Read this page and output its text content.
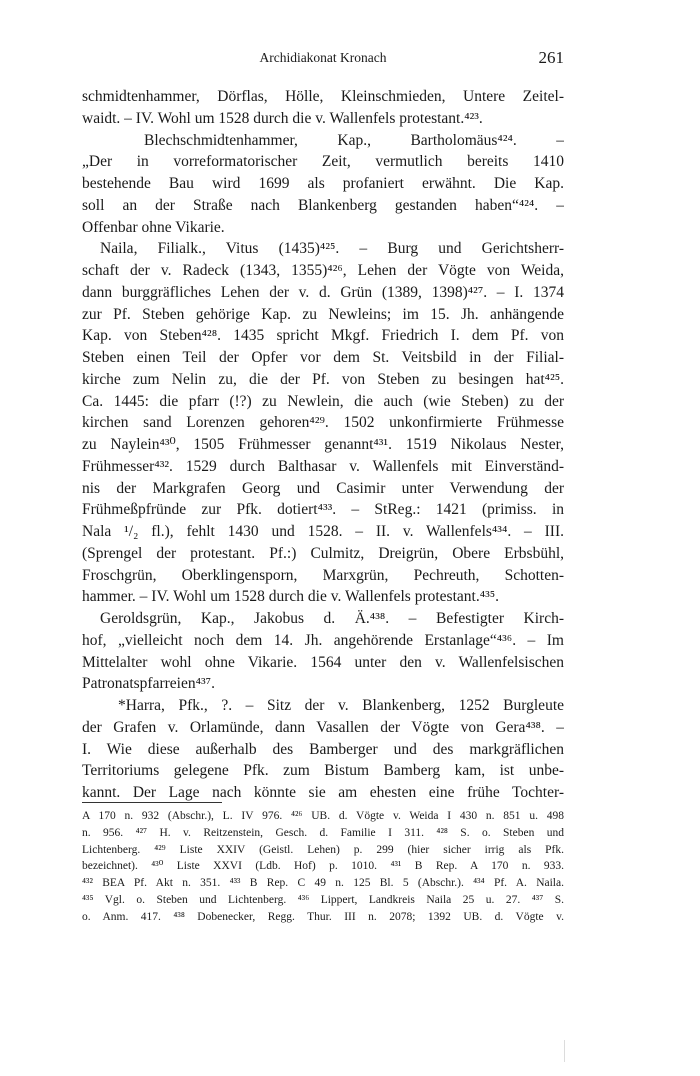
Archidiakonat Kronach	261
schmidtenhammer, Dörflas, Hölle, Kleinschmieden, Untere Zeitel-
waidt. – IV. Wohl um 1528 durch die v. Wallenfels protestant.⁴²³.
Blechschmidtenhammer, Kap., Bartholomäus⁴²⁴. –
„Der in vorreformatorischer Zeit, vermutlich bereits 1410
bestehende Bau wird 1699 als profaniert erwähnt. Die Kap.
soll an der Straße nach Blankenberg gestanden haben“⁴²⁴. –
Offenbar ohne Vikarie.
Naila, Filialk., Vitus (1435)⁴²⁵. – Burg und Gerichtsherr-
schaft der v. Radeck (1343, 1355)⁴²⁶, Lehen der Vögte von Weida,
dann burggräfliches Lehen der v. d. Grün (1389, 1398)⁴²⁷. – I. 1374
zur Pf. Steben gehörige Kap. zu Newleins; im 15. Jh. anhängende
Kap. von Steben⁴²⁸. 1435 spricht Mkgf. Friedrich I. dem Pf. von
Steben einen Teil der Opfer vor dem St. Veitsbild in der Filial-
kirche zum Nelin zu, die der Pf. von Steben zu besingen hat⁴²⁵.
Ca. 1445: die pfarr (!?) zu Newlein, die auch (wie Steben) zu der
kirchen sand Lorenzen gehoren⁴²⁹. 1502 unkonfirmierte Frühmesse
zu Naylein⁴³⁰, 1505 Frühmesser genannt⁴³¹. 1519 Nikolaus Nester,
Frühmesser⁴³². 1529 durch Balthasar v. Wallenfels mit Einverständ-
nis der Markgrafen Georg und Casimir unter Verwendung der
Frühmeßpfründe zur Pfk. dotiert⁴³³. – StReg.: 1421 (primiss. in
Nala ¹/₂ fl.), fehlt 1430 und 1528. – II. v. Wallenfels⁴³⁴. – III.
(Sprengel der protestant. Pf.:) Culmitz, Dreigrün, Obere Erbsbühl,
Froschgrün, Oberklingensporn, Marxgrün, Pechreuth, Schotten-
hammer. – IV. Wohl um 1528 durch die v. Wallenfels protestant.⁴³⁵.
Geroldsgrün, Kap., Jakobus d. Ä.⁴³⁸. – Befestigter Kirch-
hof, „vielleicht noch dem 14. Jh. angehörende Erstanlage“⁴³⁶. – Im
Mittelalter wohl ohne Vikarie. 1564 unter den v. Wallenfelsischen
Patronatspfarreien⁴³⁷.
*Harra, Pfk., ?. – Sitz der v. Blankenberg, 1252 Burgleute
der Grafen v. Orlamünde, dann Vasallen der Vögte von Gera⁴³⁸. –
I. Wie diese außerhalb des Bamberger und des markgräflichen
Territoriums gelegene Pfk. zum Bistum Bamberg kam, ist unbe-
kannt. Der Lage nach könnte sie am ehesten eine frühe Tochter-
A 170 n. 932 (Abschr.), L. IV 976. ⁴²⁶ UB. d. Vögte v. Weida I 430 n. 851 u. 498
n. 956. ⁴²⁷ H. v. Reitzenstein, Gesch. d. Familie I 311. ⁴²⁸ S. o. Steben und
Lichtenberg. ⁴²⁹ Liste XXIV (Geistl. Lehen) p. 299 (hier sicher irrig als Pfk.
bezeichnet). ⁴³⁰ Liste XXVI (Ldb. Hof) p. 1010. ⁴³¹ B Rep. A 170 n. 933.
⁴³² BEA Pf. Akt n. 351. ⁴³³ B Rep. C 49 n. 125 Bl. 5 (Abschr.). ⁴³⁴ Pf. A. Naila.
⁴³⁵ Vgl. o. Steben und Lichtenberg. ⁴³⁶ Lippert, Landkreis Naila 25 u. 27. ⁴³⁷ S.
o. Anm. 417. ⁴³⁸ Dobenecker, Regg. Thur. III n. 2078; 1392 UB. d. Vögte v.
